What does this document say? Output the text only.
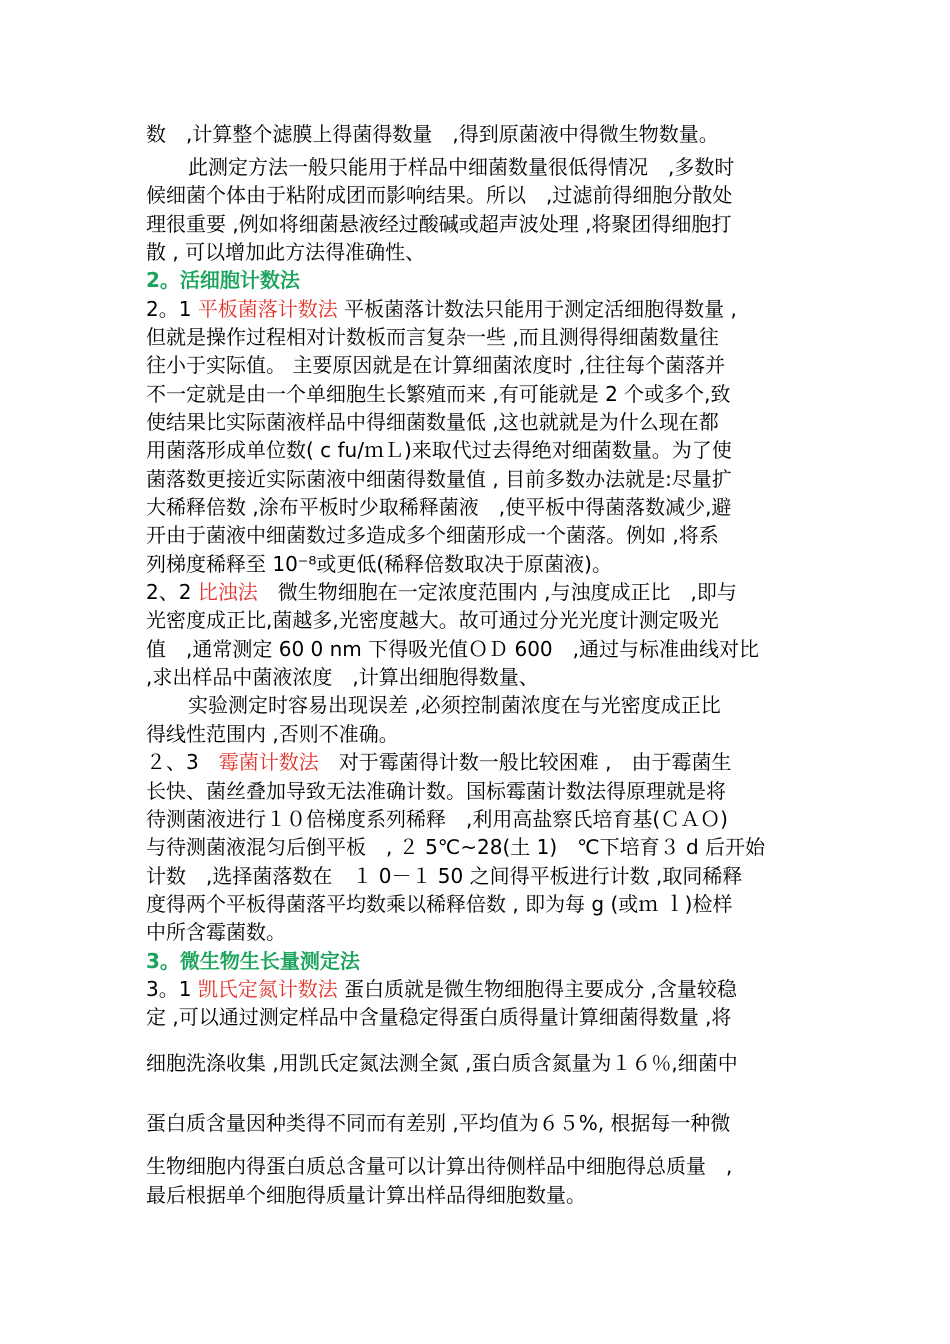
数　,计算整个滤膜上得菌得数量　,得到原菌液中得微生物数量。
此测定方法一般只能用于样品中细菌数量很低得情况　,多数时
候细菌个体由于粘附成团而影响结果。所以　,过滤前得细胞分散处
理很重要 ,例如将细菌悬液经过酸碱或超声波处理 ,将聚团得细胞打
散 , 可以增加此方法得准确性、
2。活细胞计数法
2。1 平板菌落计数法 平板菌落计数法只能用于测定活细胞得数量 ,
但就是操作过程相对计数板而言复杂一些 ,而且测得得细菌数量往
往小于实际值。 主要原因就是在计算细菌浓度时 ,往往每个菌落并
不一定就是由一个单细胞生长繁殖而来 ,有可能就是 2 个或多个,致
使结果比实际菌液样品中得细菌数量低 ,这也就就是为什么现在都
用菌落形成单位数( c fu/ｍＬ)来取代过去得绝对细菌数量。为了使
菌落数更接近实际菌液中细菌得数量值 , 目前多数办法就是:尽量扩
大稀释倍数 ,涂布平板时少取稀释菌液　,使平板中得菌落数减少,避
开由于菌液中细菌数过多造成多个细菌形成一个菌落。例如 ,将系
列梯度稀释至 10⁻⁸或更低(稀释倍数取决于原菌液)。
2、2 比浊法　微生物细胞在一定浓度范围内 ,与浊度成正比　,即与
光密度成正比,菌越多,光密度越大。故可通过分光光度计测定吸光
值　,通常测定 60 0 nm 下得吸光值ＯＤ 600　,通过与标准曲线对比
,求出样品中菌液浓度　,计算出细胞得数量、
实验测定时容易出现误差 ,必须控制菌浓度在与光密度成正比
得线性范围内 ,否则不准确。
２、3　霉菌计数法　对于霉菌得计数一般比较困难 ,　由于霉菌生
长快、菌丝叠加导致无法准确计数。国标霉菌计数法得原理就是将
待测菌液进行１０倍梯度系列稀释　,利用高盐察氏培育基(ＣＡＯ)
与待测菌液混匀后倒平板　, ２ 5℃~28(土 1)　℃下培育３ d 后开始
计数　,选择菌落数在　１ 0－１ 50 之间得平板进行计数 ,取同稀释
度得两个平板得菌落平均数乘以稀释倍数 , 即为每 g (或ｍ ｌ)检样
中所含霉菌数。
3。微生物生长量测定法
3。1 凯氏定氮计数法 蛋白质就是微生物细胞得主要成分 ,含量较稳
定 ,可以通过测定样品中含量稳定得蛋白质得量计算细菌得数量 ,将
细胞洗涤收集 ,用凯氏定氮法测全氮 ,蛋白质含氮量为１６％,细菌中
蛋白质含量因种类得不同而有差别 ,平均值为６５%, 根据每一种微
生物细胞内得蛋白质总含量可以计算出待侧样品中细胞得总质量　,
最后根据单个细胞得质量计算出样品得细胞数量。
